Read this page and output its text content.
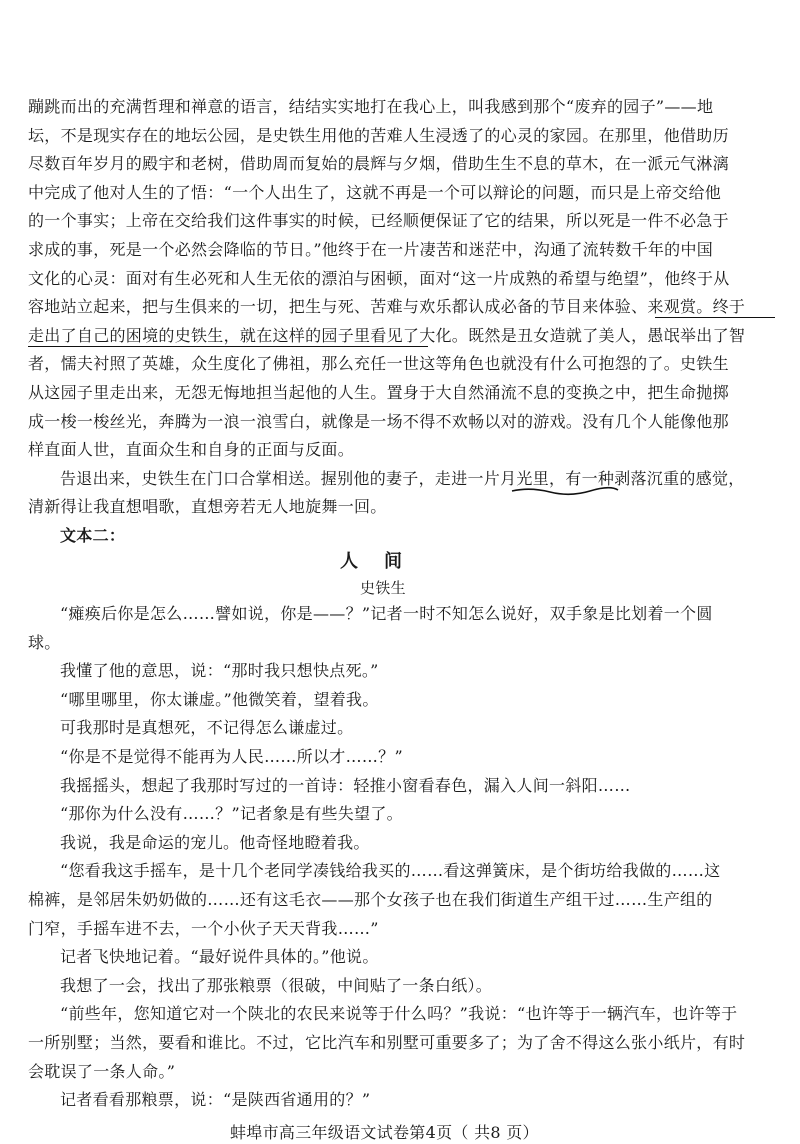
蹦跳而出的充满哲理和禅意的语言，结结实实地打在我心上，叫我感到那个“废弃的园子”——地
坛，不是现实存在的地坛公园，是史铁生用他的苦难人生浸透了的心灵的家园。在那里，他借助历
尽数百年岁月的殿宇和老树，借助周而复始的晨辉与夕烟，借助生生不息的草木，在一派元气淋漓
中完成了他对人生的了悟：“一个人出生了，这就不再是一个可以辩论的问题，而只是上帝交给他
的一个事实；上帝在交给我们这件事实的时候，已经顺便保证了它的结果，所以死是一件不必急于
求成的事，死是一个必然会降临的节日。”他终于在一片凄苦和迷茫中，沟通了流转数千年的中国
文化的心灵：面对有生必死和人生无依的漂泊与困顿，面对“这一片成熟的希望与绝望”，他终于从
容地站立起来，把与生俱来的一切，把生与死、苦难与欢乐都认成必备的节目来体验、来观赏。终于
走出了自己的困境的史铁生，就在这样的园子里看见了大化。既然是丑女造就了美人，愚氓举出了智
者，懦夫衬照了英雄，众生度化了佛祖，那么充任一世这等角色也就没有什么可抱怨的了。史铁生
从这园子里走出来，无怨无悔地担当起他的人生。置身于大自然涌流不息的变换之中，把生命抛掷
成一梭一梭丝光，奔腾为一浪一浪雪白，就像是一场不得不欢畅以对的游戏。没有几个人能像他那
样直面人世，直面众生和自身的正面与反面。
告退出来，史铁生在门口合掌相送。握别他的妻子，走进一片月光里，有一种剥落沉重的感觉，
清新得让我直想唱歌，直想旁若无人地旋舞一回。
文本二：
人　间
史铁生
“瘫痪后你是怎么……譬如说，你是——？”记者一时不知怎么说好，双手象是比划着一个圆
球。
我懂了他的意思，说：“那时我只想快点死。”
“哪里哪里，你太谦虚。”他微笑着，望着我。
可我那时是真想死，不记得怎么谦虚过。
“你是不是觉得不能再为人民……所以才……？”
我摇摇头，想起了我那时写过的一首诗：轻推小窗看春色，漏入人间一斜阳……
“那你为什么没有……？”记者象是有些失望了。
我说，我是命运的宠儿。他奇怪地瞪着我。
“您看我这手摇车，是十几个老同学凑钱给我买的……看这弹簧床，是个街坊给我做的……这
棉裤，是邻居朱奶奶做的……还有这毛衣——那个女孩子也在我们街道生产组干过……生产组的
门窄，手摇车进不去，一个小伙子天天背我……”
记者飞快地记着。“最好说件具体的。”他说。
我想了一会，找出了那张粮票（很破，中间贴了一条白纸）。
“前些年，您知道它对一个陕北的农民来说等于什么吗？”我说：“也许等于一辆汽车，也许等于
一所别墅；当然，要看和谁比。不过，它比汽车和别墅可重要多了；为了舍不得这么张小纸片，有时
会耽误了一条人命。”
记者看看那粮票，说：“是陕西省通用的？”
蚌埠市高三年级语文试卷第4页（ 共8 页）
